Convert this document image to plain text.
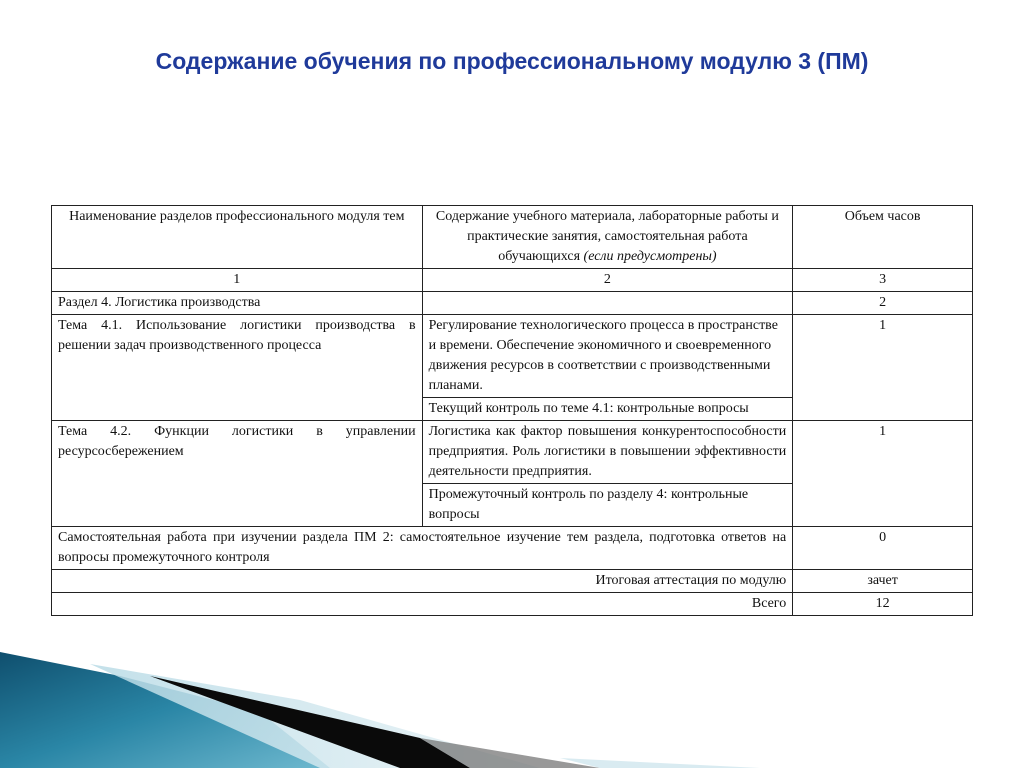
Содержание обучения по профессиональному модулю 3 (ПМ)
Наименование разделов профессионального модуля тем	Содержание учебного материала, лабораторные работы и практические занятия, самостоятельная работа обучающихся (если предусмотрены)	Объем часов
1	2	3
Раздел 4. Логистика производства		2
Тема 4.1. Использование логистики производства в решении задач производственного процесса	Регулирование технологического процесса в пространстве и времени. Обеспечение экономичного и своевременного движения ресурсов в соответствии с производственными планами.	1
	Текущий контроль по теме 4.1: контрольные вопросы	
Тема 4.2. Функции логистики в управлении ресурсосбережением	Логистика как фактор повышения конкурентоспособности предприятия. Роль логистики в повышении эффективности деятельности предприятия.	1
	Промежуточный контроль по разделу 4: контрольные вопросы	
Самостоятельная работа при изучении раздела ПМ 2: самостоятельное изучение тем раздела, подготовка ответов на вопросы промежуточного контроля		0
Итоговая аттестация по модулю		зачет
Всего		12
